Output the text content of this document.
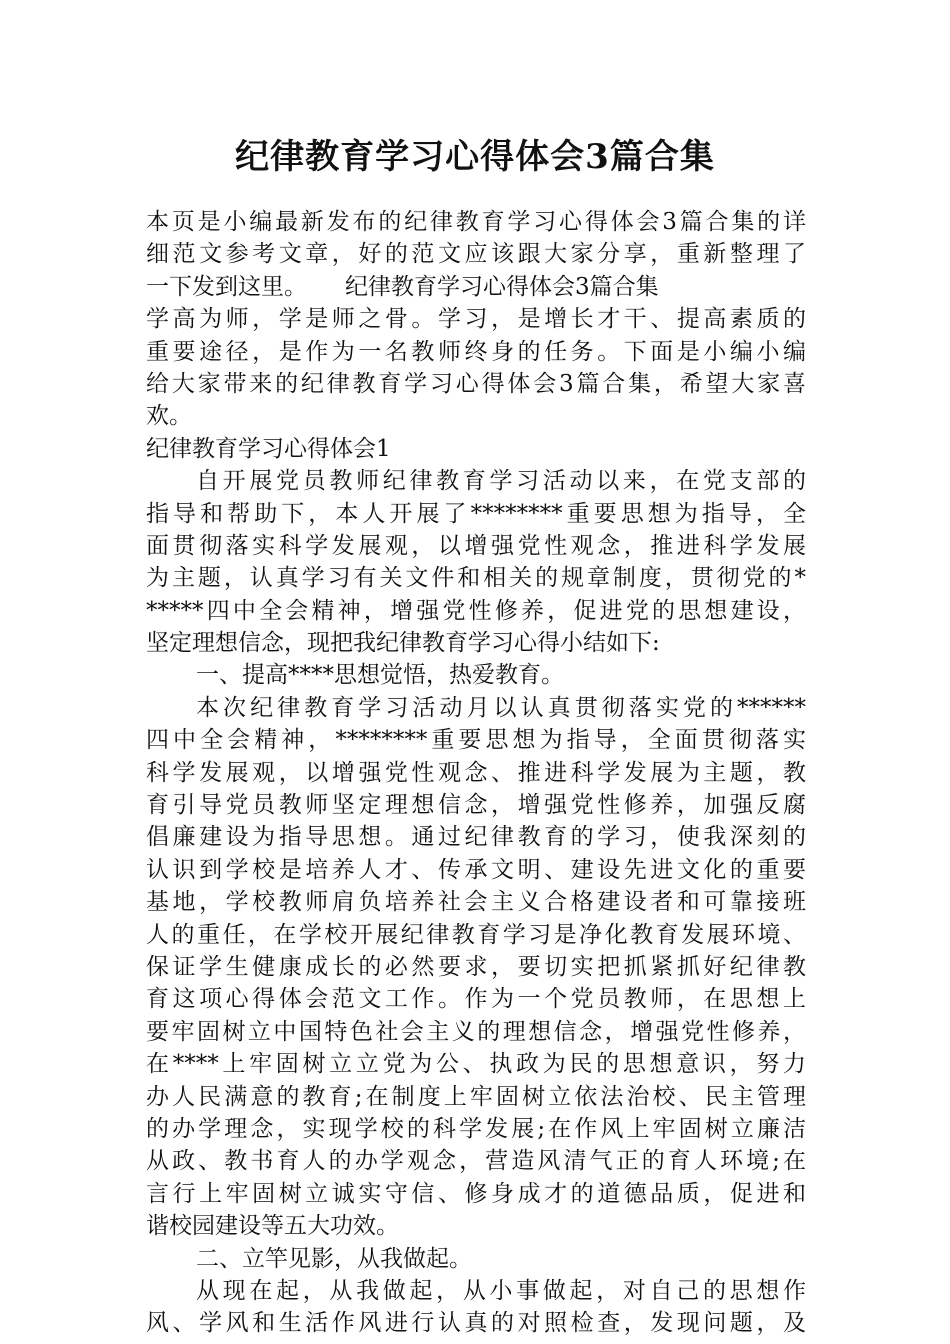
纪律教育学习心得体会3篇合集
本页是小编最新发布的纪律教育学习心得体会3篇合集的详
细范文参考文章，好的范文应该跟大家分享，重新整理了
一下发到这里。 纪律教育学习心得体会3篇合集
学高为师，学是师之骨。学习，是增长才干、提高素质的
重要途径，是作为一名教师终身的任务。下面是小编小编
给大家带来的纪律教育学习心得体会3篇合集，希望大家喜
欢。
纪律教育学习心得体会1
自开展党员教师纪律教育学习活动以来，在党支部的
指导和帮助下，本人开展了********重要思想为指导，全
面贯彻落实科学发展观，以增强党性观念，推进科学发展
为主题，认真学习有关文件和相关的规章制度，贯彻党的*
*****四中全会精神，增强党性修养，促进党的思想建设，
坚定理想信念，现把我纪律教育学习心得小结如下:
一、提高****思想觉悟，热爱教育。
本次纪律教育学习活动月以认真贯彻落实党的******
四中全会精神，********重要思想为指导，全面贯彻落实
科学发展观，以增强党性观念、推进科学发展为主题，教
育引导党员教师坚定理想信念，增强党性修养，加强反腐
倡廉建设为指导思想。通过纪律教育的学习，使我深刻的
认识到学校是培养人才、传承文明、建设先进文化的重要
基地，学校教师肩负培养社会主义合格建设者和可靠接班
人的重任，在学校开展纪律教育学习是净化教育发展环境、
保证学生健康成长的必然要求，要切实把抓紧抓好纪律教
育这项心得体会范文工作。作为一个党员教师，在思想上
要牢固树立中国特色社会主义的理想信念，增强党性修养，
在****上牢固树立立党为公、执政为民的思想意识，努力
办人民满意的教育;在制度上牢固树立依法治校、民主管理
的办学理念，实现学校的科学发展;在作风上牢固树立廉洁
从政、教书育人的办学观念，营造风清气正的育人环境;在
言行上牢固树立诚实守信、修身成才的道德品质，促进和
谐校园建设等五大功效。
二、立竿见影，从我做起。
从现在起，从我做起，从小事做起，对自己的思想作
风、学风和生活作风进行认真的对照检查，发现问题，及
